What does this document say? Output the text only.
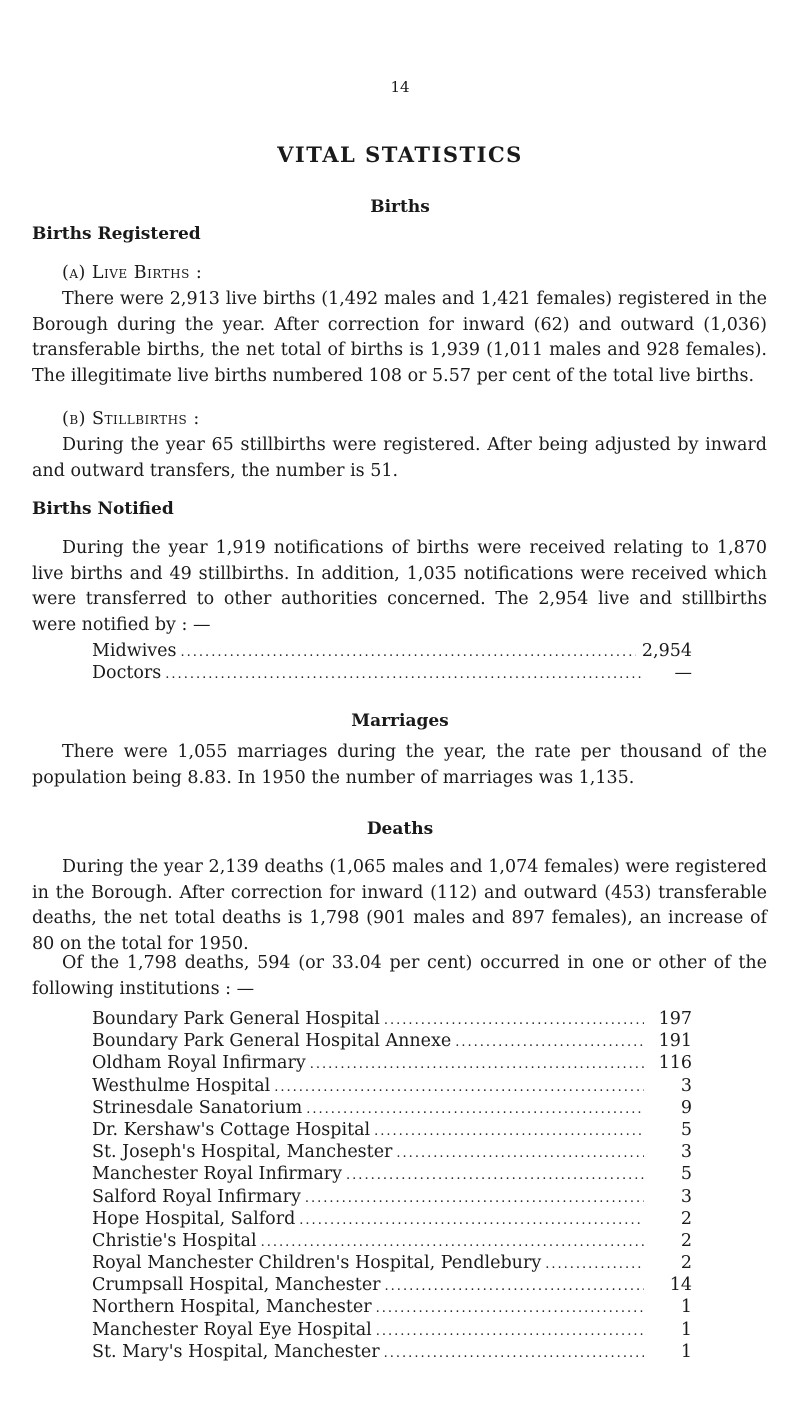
14
VITAL STATISTICS
Births
Births Registered
(a) Live Births :

There were 2,913 live births (1,492 males and 1,421 females) registered in the Borough during the year. After correction for inward (62) and outward (1,036) transferable births, the net total of births is 1,939 (1,011 males and 928 females). The illegitimate live births numbered 108 or 5.57 per cent of the total live births.

(b) Stillbirths :

During the year 65 stillbirths were registered. After being adjusted by inward and outward transfers, the number is 51.

Births Notified

During the year 1,919 notifications of births were received relating to 1,870 live births and 49 stillbirths. In addition, 1,035 notifications were received which were transferred to other authorities concerned. The 2,954 live and stillbirths were notified by : —

Midwives .....	2,954
Doctors .....	—
Marriages

There were 1,055 marriages during the year, the rate per thousand of the population being 8.83. In 1950 the number of marriages was 1,135.

Deaths

During the year 2,139 deaths (1,065 males and 1,074 females) were registered in the Borough. After correction for inward (112) and outward (453) transferable deaths, the net total deaths is 1,798 (901 males and 897 females), an increase of 80 on the total for 1950.

Of the 1,798 deaths, 594 (or 33.04 per cent) occurred in one or other of the following institutions : —

Boundary Park General Hospital .....	197
Boundary Park General Hospital Annexe .....	191
Oldham Royal Infirmary .....	116
Westhulme Hospital .....	3
Strinesdale Sanatorium .....	9
Dr. Kershaw's Cottage Hospital .....	5
St. Joseph's Hospital, Manchester .....	3
Manchester Royal Infirmary .....	5
Salford Royal Infirmary .....	3
Hope Hospital, Salford .....	2
Christie's Hospital .....	2
Royal Manchester Children's Hospital, Pendlebury .....	2
Crumpsall Hospital, Manchester .....	14
Northern Hospital, Manchester .....	1
Manchester Royal Eye Hospital .....	1
St. Mary's Hospital, Manchester .....	1
